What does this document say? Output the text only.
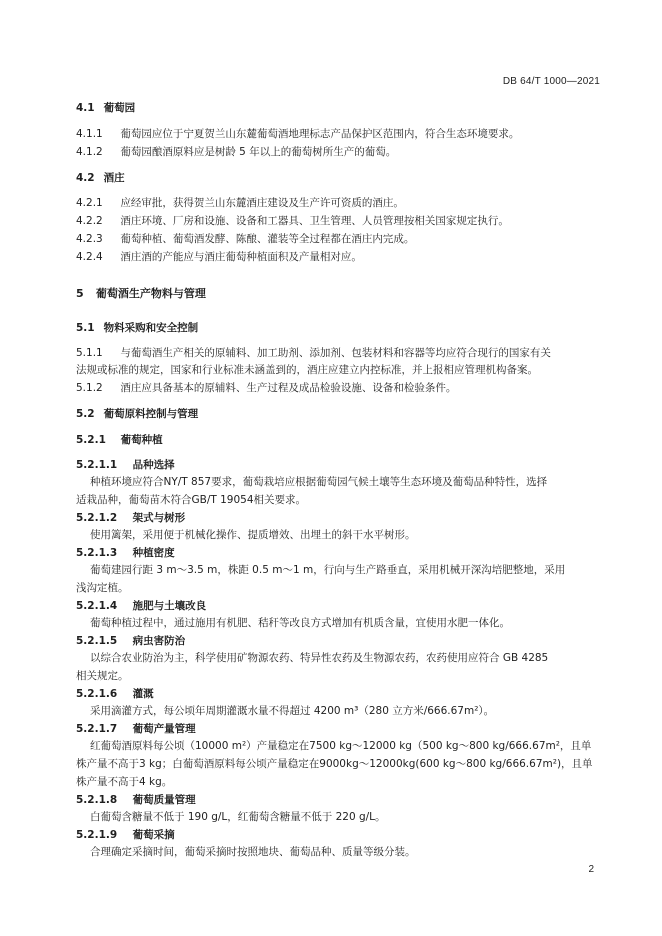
DB 64/T 1000—2021
4.1 葡萄园
4.1.1 葡萄园应位于宁夏贺兰山东麓葡萄酒地理标志产品保护区范围内，符合生态环境要求。
4.1.2 葡萄园酿酒原料应是树龄 5 年以上的葡萄树所生产的葡萄。
4.2 酒庄
4.2.1 应经审批，获得贺兰山东麓酒庄建设及生产许可资质的酒庄。
4.2.2 酒庄环境、厂房和设施、设备和工器具、卫生管理、人员管理按相关国家规定执行。
4.2.3 葡萄种植、葡萄酒发酵、陈酿、灌装等全过程都在酒庄内完成。
4.2.4 酒庄酒的产能应与酒庄葡萄种植面积及产量相对应。
5 葡萄酒生产物料与管理
5.1 物料采购和安全控制
5.1.1 与葡萄酒生产相关的原辅料、加工助剂、添加剂、包装材料和容器等均应符合现行的国家有关
法规或标准的规定，国家和行业标准未涵盖到的，酒庄应建立内控标准，并上报相应管理机构备案。
5.1.2 酒庄应具备基本的原辅料、生产过程及成品检验设施、设备和检验条件。
5.2 葡萄原料控制与管理
5.2.1 葡萄种植
5.2.1.1 品种选择
种植环境应符合NY/T 857要求，葡萄栽培应根据葡萄园气候土壤等生态环境及葡萄品种特性，选择
适栽品种，葡萄苗木符合GB/T 19054相关要求。
5.2.1.2 架式与树形
使用篱架，采用便于机械化操作、提质增效、出埋土的斜干水平树形。
5.2.1.3 种植密度
葡萄建园行距 3 m～3.5 m，株距 0.5 m～1 m，行向与生产路垂直，采用机械开深沟培肥整地，采用
浅沟定植。
5.2.1.4 施肥与土壤改良
葡萄种植过程中，通过施用有机肥、秸秆等改良方式增加有机质含量，宜使用水肥一体化。
5.2.1.5 病虫害防治
以综合农业防治为主，科学使用矿物源农药、特异性农药及生物源农药，农药使用应符合 GB 4285
相关规定。
5.2.1.6 灌溉
采用滴灌方式，每公顷年周期灌溉水量不得超过 4200 m³（280 立方米/666.67m²）。
5.2.1.7 葡萄产量管理
红葡萄酒原料每公顷（10000 m²）产量稳定在7500 kg～12000 kg（500 kg～800 kg/666.67m²，且单
株产量不高于3 kg；白葡萄酒原料每公顷产量稳定在9000kg～12000kg(600 kg～800 kg/666.67m²)，且单
株产量不高于4 kg。
5.2.1.8 葡萄质量管理
白葡萄含糖量不低于 190 g/L，红葡萄含糖量不低于 220 g/L。
5.2.1.9 葡萄采摘
合理确定采摘时间，葡萄采摘时按照地块、葡萄品种、质量等级分装。
2
